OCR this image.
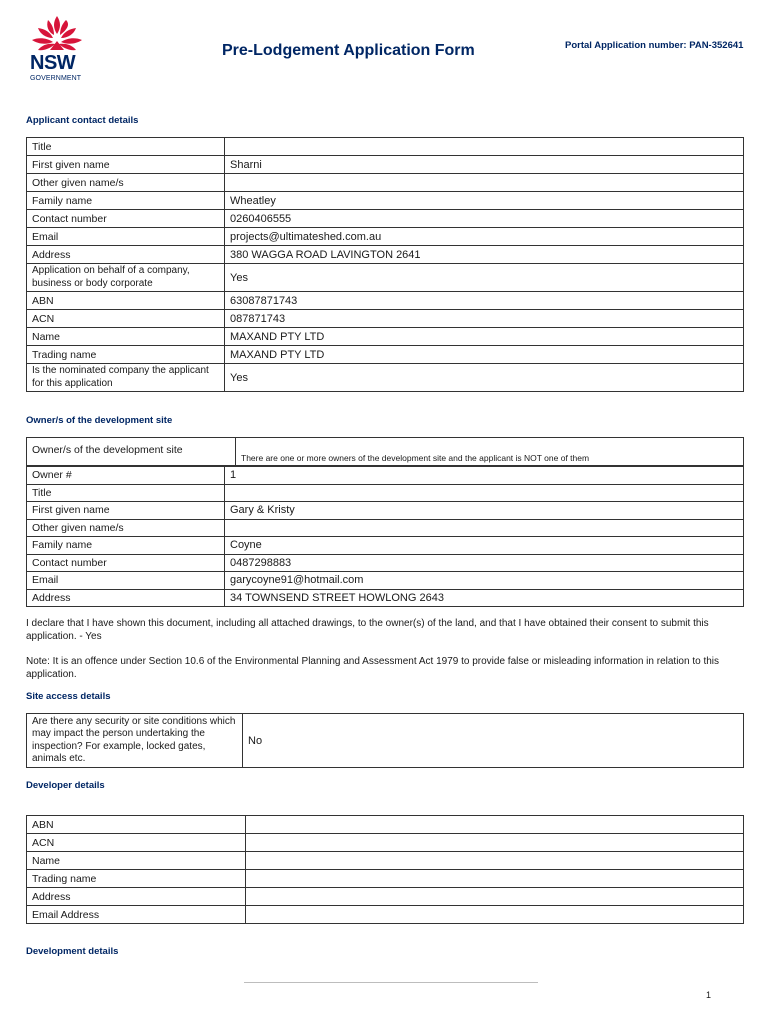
NSW
GOVERNMENT
Pre-Lodgement Application Form	Portal Application number: PAN-352641
Applicant contact details
Title	
First given name	Sharni
Other given name/s	
Family name	Wheatley
Contact number	0260406555
Email	projects@ultimateshed.com.au
Address	380 WAGGA ROAD LAVINGTON 2641
Application on behalf of a company, business or body corporate	Yes
ABN	63087871743
ACN	087871743
Name	MAXAND PTY LTD
Trading name	MAXAND PTY LTD
Is the nominated company the applicant for this application	Yes
Owner/s of the development site
Owner/s of the development site	There are one or more owners of the development site and the applicant is NOT one of them
Owner #	1
Title	
First given name	Gary & Kristy
Other given name/s	
Family name	Coyne
Contact number	0487298883
Email	garycoyne91@hotmail.com
Address	34 TOWNSEND STREET HOWLONG 2643
I declare that I have shown this document, including all attached drawings, to the owner(s) of the land, and that I have obtained their consent to submit this application. - Yes
Note: It is an offence under Section 10.6 of the Environmental Planning and Assessment Act 1979 to provide false or misleading information in relation to this application.
Site access details
Are there any security or site conditions which may impact the person undertaking the inspection? For example, locked gates, animals etc.	No
Developer details
ABN	
ACN	
Name	
Trading name	
Address	
Email Address	
Development details
1
